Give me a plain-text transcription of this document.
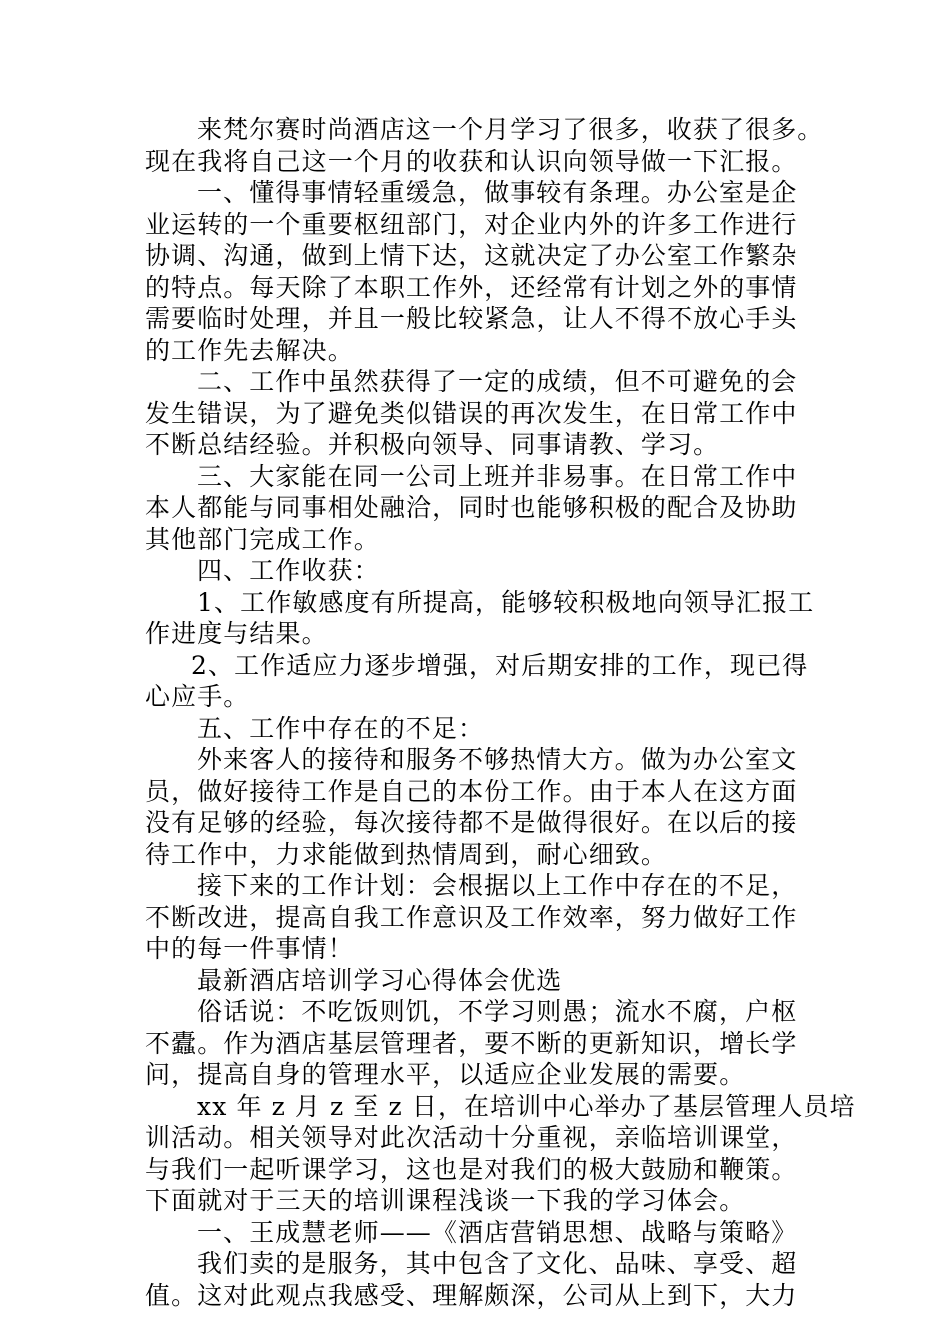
来梵尔赛时尚酒店这一个月学习了很多，收获了很多。
现在我将自己这一个月的收获和认识向领导做一下汇报。
一、懂得事情轻重缓急，做事较有条理。办公室是企
业运转的一个重要枢纽部门，对企业内外的许多工作进行
协调、沟通，做到上情下达，这就决定了办公室工作繁杂
的特点。每天除了本职工作外，还经常有计划之外的事情
需要临时处理，并且一般比较紧急，让人不得不放心手头
的工作先去解决。
二、工作中虽然获得了一定的成绩，但不可避免的会
发生错误，为了避免类似错误的再次发生，在日常工作中
不断总结经验。并积极向领导、同事请教、学习。
三、大家能在同一公司上班并非易事。在日常工作中
本人都能与同事相处融洽，同时也能够积极的配合及协助
其他部门完成工作。
四、工作收获：
1、工作敏感度有所提高，能够较积极地向领导汇报工
作进度与结果。
2、工作适应力逐步增强，对后期安排的工作，现已得
心应手。
五、工作中存在的不足：
外来客人的接待和服务不够热情大方。做为办公室文
员，做好接待工作是自己的本份工作。由于本人在这方面
没有足够的经验，每次接待都不是做得很好。在以后的接
待工作中，力求能做到热情周到，耐心细致。
接下来的工作计划：会根据以上工作中存在的不足，
不断改进，提高自我工作意识及工作效率，努力做好工作
中的每一件事情！
最新酒店培训学习心得体会优选
俗话说：不吃饭则饥，不学习则愚；流水不腐，户枢
不蠹。作为酒店基层管理者，要不断的更新知识，增长学
问，提高自身的管理水平，以适应企业发展的需要。
xx 年 z 月 z 至 z 日，在培训中心举办了基层管理人员培
训活动。相关领导对此次活动十分重视，亲临培训课堂，
与我们一起听课学习，这也是对我们的极大鼓励和鞭策。
下面就对于三天的培训课程浅谈一下我的学习体会。
一、王成慧老师——《酒店营销思想、战略与策略》
我们卖的是服务，其中包含了文化、品味、享受、超
值。这对此观点我感受、理解颇深，公司从上到下，大力
